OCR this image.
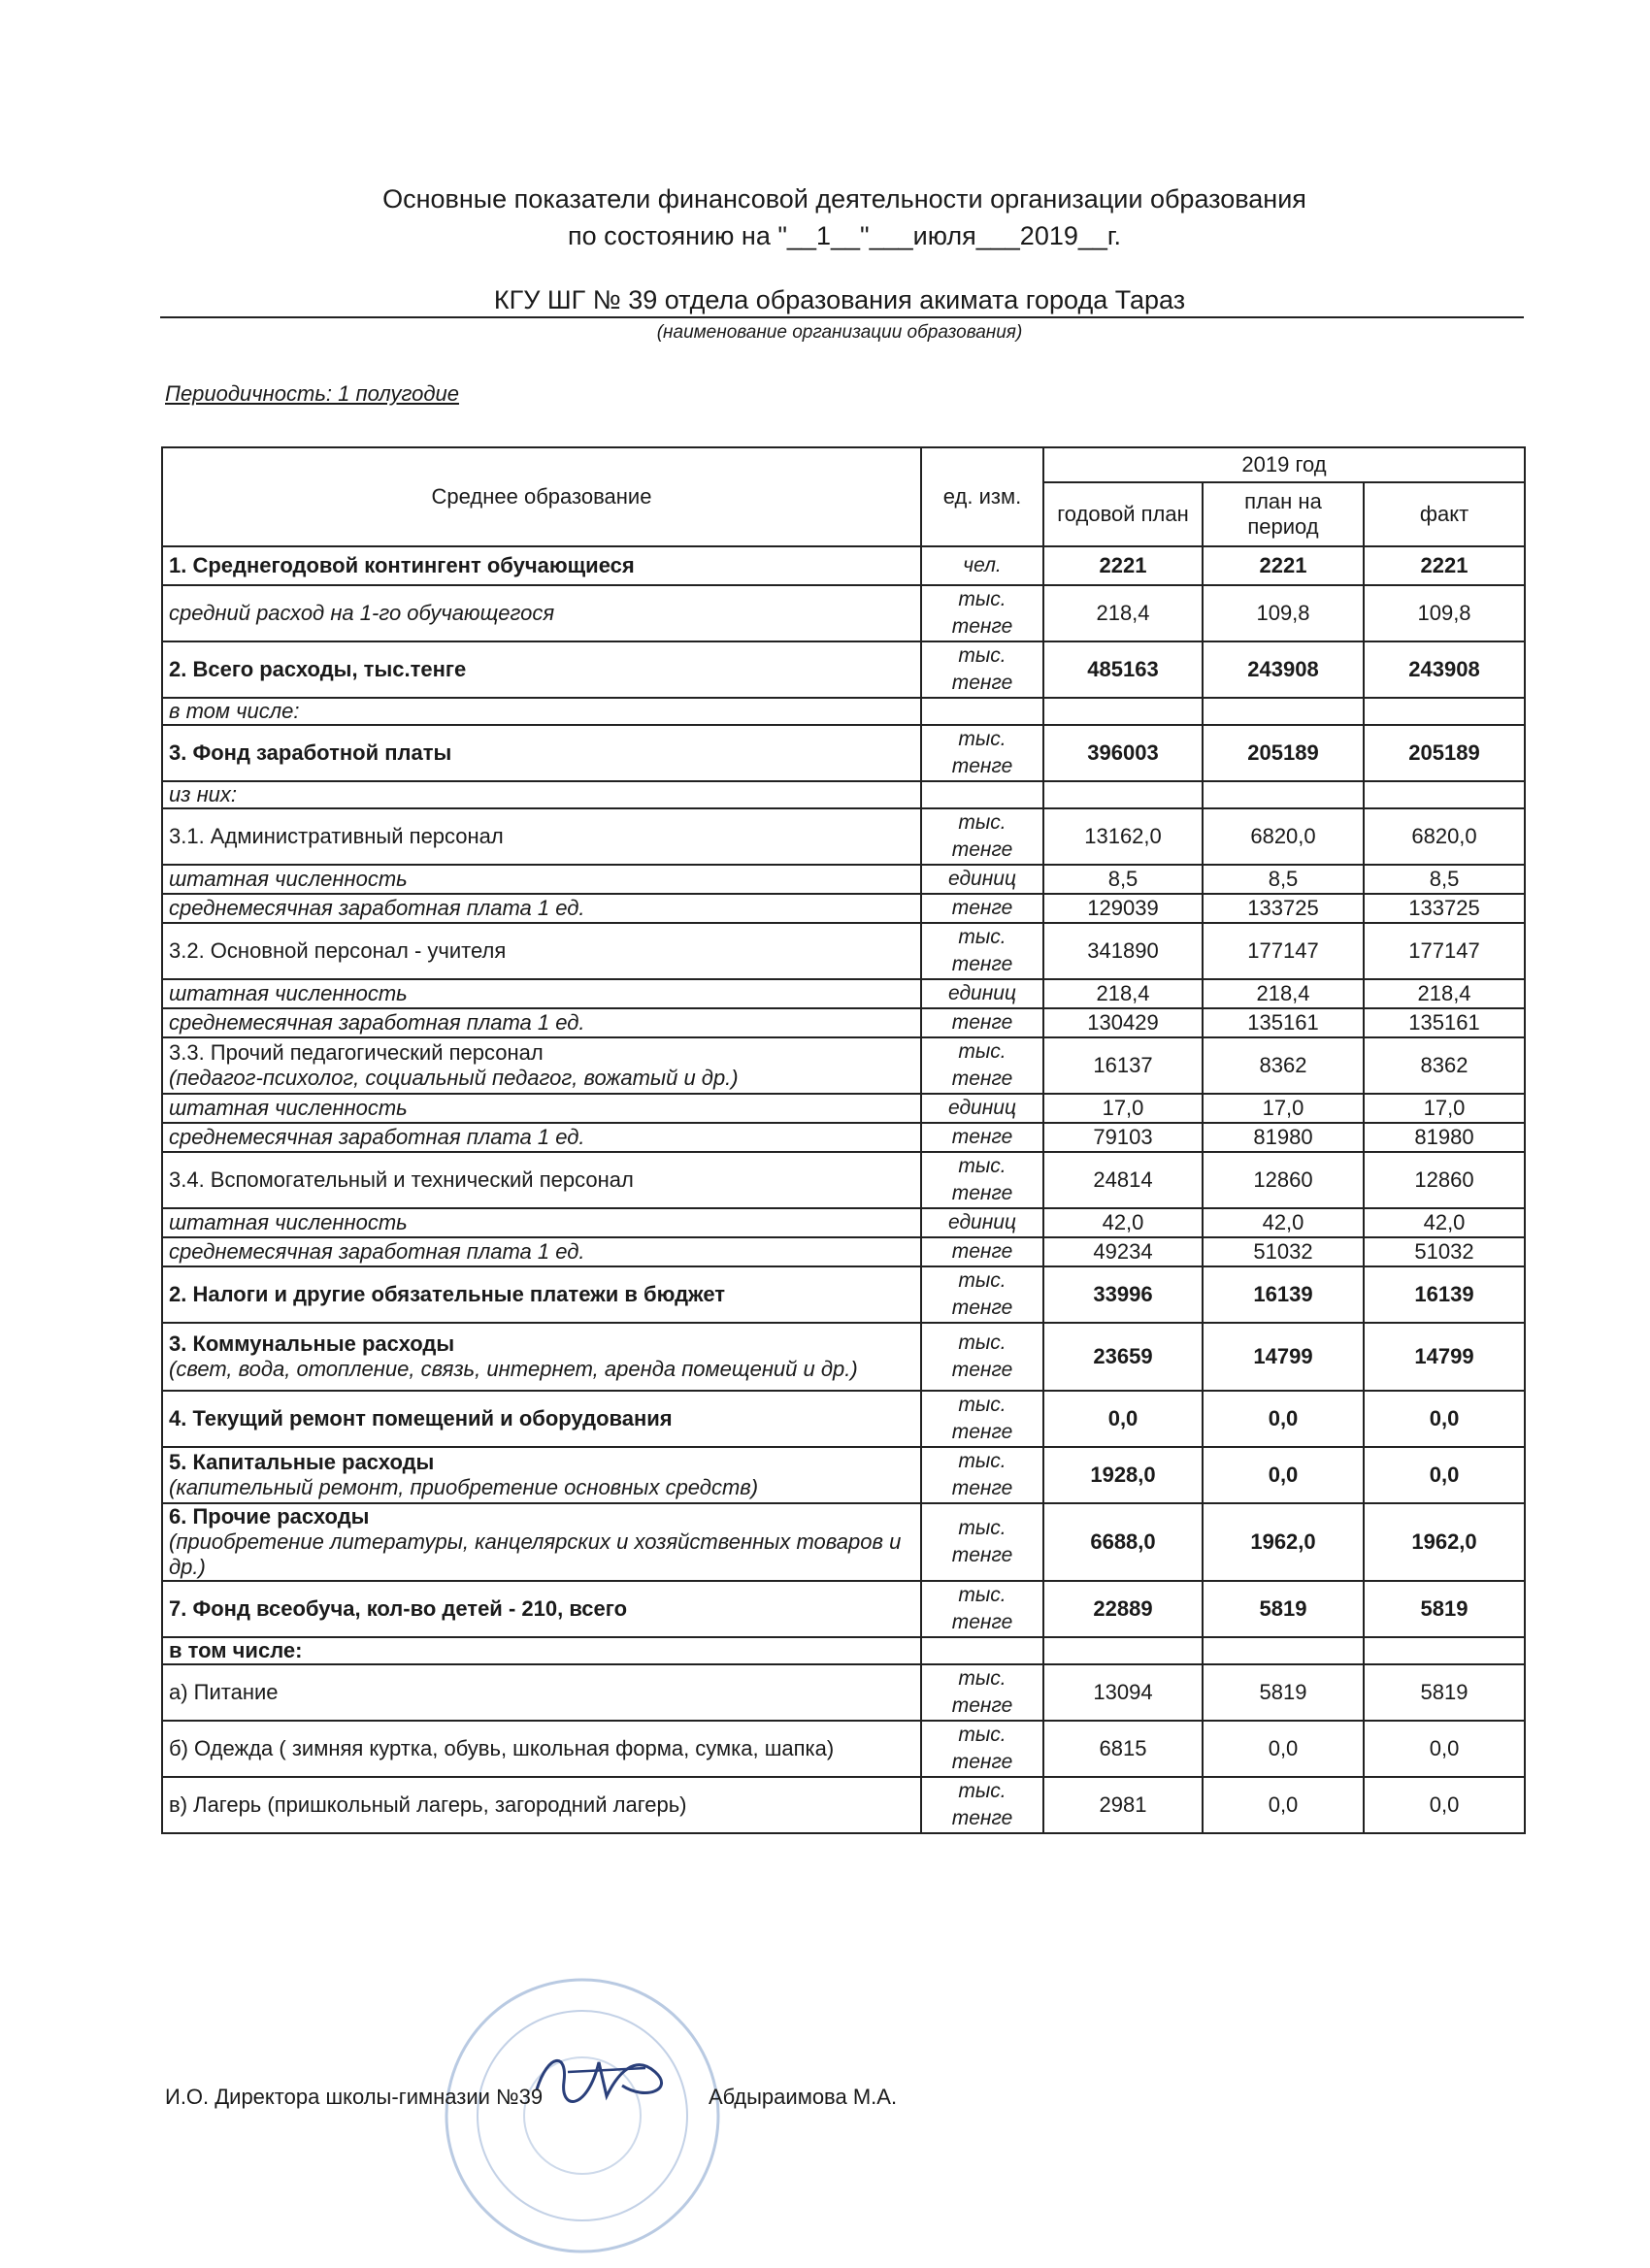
Основные показатели финансовой деятельности организации образования
по состоянию на "__1__"___июля___2019__г.
КГУ ШГ № 39 отдела образования акимата города Тараз
(наименование организации образования)
Периодичность: 1 полугодие
Среднее образование	ед. изм.	2019 год		
		годовой план	план на период	факт

1. Среднегодовой контингент обучающиеся	чел.	2221	2221	2221

средний расход на 1-го обучающегося	тыс. тенге	218,4	109,8	109,8

2. Всего расходы, тыс.тенге	тыс. тенге	485163	243908	243908

в том числе:				

3. Фонд заработной платы	тыс. тенге	396003	205189	205189

из них:				

3.1. Административный персонал	тыс. тенге	13162,0	6820,0	6820,0

штатная численность	единиц	8,5	8,5	8,5

среднемесячная заработная плата 1 ед.	тенге	129039	133725	133725

3.2. Основной персонал - учителя	тыс. тенге	341890	177147	177147

штатная численность	единиц	218,4	218,4	218,4

среднемесячная заработная плата 1 ед.	тенге	130429	135161	135161

3.3. Прочий педагогический персонал
(педагог-психолог, социальный педагог, вожатый и др.)	тыс. тенге	16137	8362	8362

штатная численность	единиц	17,0	17,0	17,0

среднемесячная заработная плата 1 ед.	тенге	79103	81980	81980

3.4. Вспомогательный и технический персонал	тыс. тенге	24814	12860	12860

штатная численность	единиц	42,0	42,0	42,0

среднемесячная заработная плата 1 ед.	тенге	49234	51032	51032

2. Налоги и другие обязательные платежи в бюджет	тыс. тенге	33996	16139	16139

3. Коммунальные расходы
(свет, вода, отопление, связь, интернет, аренда помещений и др.)	тыс. тенге	23659	14799	14799

4. Текущий ремонт помещений и оборудования	тыс. тенге	0,0	0,0	0,0

5. Капитальные расходы
(капительный ремонт, приобретение основных средств)	тыс. тенге	1928,0	0,0	0,0

6. Прочие расходы
(приобретение литературы, канцелярских и хозяйственных товаров и др.)	тыс. тенге	6688,0	1962,0	1962,0

7. Фонд всеобуча, кол-во детей - 210, всего	тыс. тенге	22889	5819	5819

в том числе:				

а) Питание	тыс. тенге	13094	5819	5819

б) Одежда ( зимняя куртка, обувь, школьная форма, сумка, шапка)	тыс. тенге	6815	0,0	0,0

в) Лагерь (пришкольный лагерь, загородний лагерь)	тыс. тенге	2981	0,0	0,0
И.О. Директора школы-гимназии №39	Абдыраимова М.А.
